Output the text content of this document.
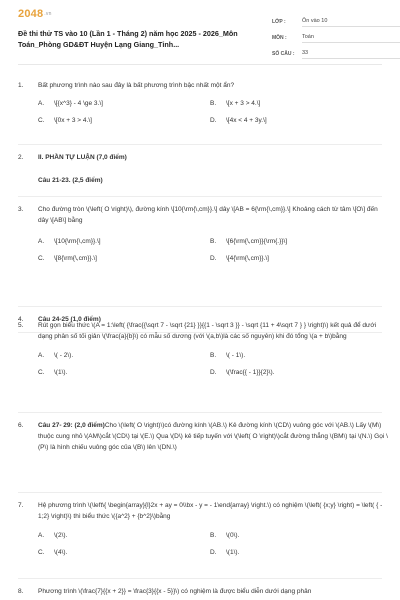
2048.vn
Đề thi thử TS vào 10 (Lần 1 - Tháng 2) năm học 2025 - 2026_Môn Toán_Phòng GD&ĐT Huyện Lạng Giang_Tỉnh...
LỚP :	Ôn vào 10
MÔN :	Toán
SỐ CÂU :	33
1.	Bất phương trình nào sau đây là bất phương trình bậc nhất một ẩn?
A.	\[{x^3} - 4 \ge 3.\]	B.	\[x + 3 > 4.\]
C.	\[0x + 3 > 4.\]	D.	\[4x < 4 + 3y.\]
2.	II. PHẦN TỰ LUẬN (7,0 điểm)
Câu 21-23. (2,5 điểm)
3.	Cho đường tròn \(\left( O \right)\), đường kính \[10{\rm{\,cm}}.\] dây \[AB = 6{\rm{\,cm}}.\] Khoảng cách từ tâm \[O\] đến dây \[AB\] bằng
A.	\[10{\rm{\,cm}}.\]	B.	\[6{\rm{\,cm}}{\rm{.}}\]
C.	\[8{\rm{\,cm}}.\]	D.	\[4{\rm{\,cm}}.\]
4.	Câu 24-25 (1,0 điểm)
5.	Rút gọn biểu thức \(A = 1:\left( {\frac{{\sqrt 7 - \sqrt {21} }}{{1 - \sqrt 3 }} - \sqrt {11 + 4\sqrt 7 } } \right)\) kết quả để dưới dạng phân số tối giản \(\frac{a}{b}\) có mẫu số dương (với \(a,b\)là các số nguyên) khi đó tổng \(a + b\)bằng
A.	\( - 2\).	B.	\( - 1\).
C.	\(1\).	D.	\(\frac{{ - 1}}{2}\).
6.	Câu 27- 29: (2,0 điểm)Cho \(\left( O \right)\)có đường kính \(AB.\) Kẻ đường kính \(CD\) vuông góc với \(AB.\) Lấy \(M\) thuộc cung nhỏ \(AM\)cắt \(CD\) tại \(E.\) Qua \(D\) kẻ tiếp tuyến với \(\left( O \right)\)cắt đường thẳng \(BM\) tại \(N.\) Gọi \(P\) là hình chiếu vuông góc của \(B\) lên \(DN.\)
7.	Hệ phương trình \(\left\{ \begin{array}{l}2x + ay = 0\\bx - y = - 1\end{array} \right.\) có nghiệm \(\left( {x;y} \right) = \left( { - 1;2} \right)\) thì biểu thức \({a^2} + {b^2}\)bằng
A.	\(2\).	B.	\(0\).
C.	\(4\).	D.	\(1\).
8.	Phương trình \(\frac{7}{{x + 2}} = \frac{3}{{x - 5}}\) có nghiệm là được biểu diễn dưới dạng phân
